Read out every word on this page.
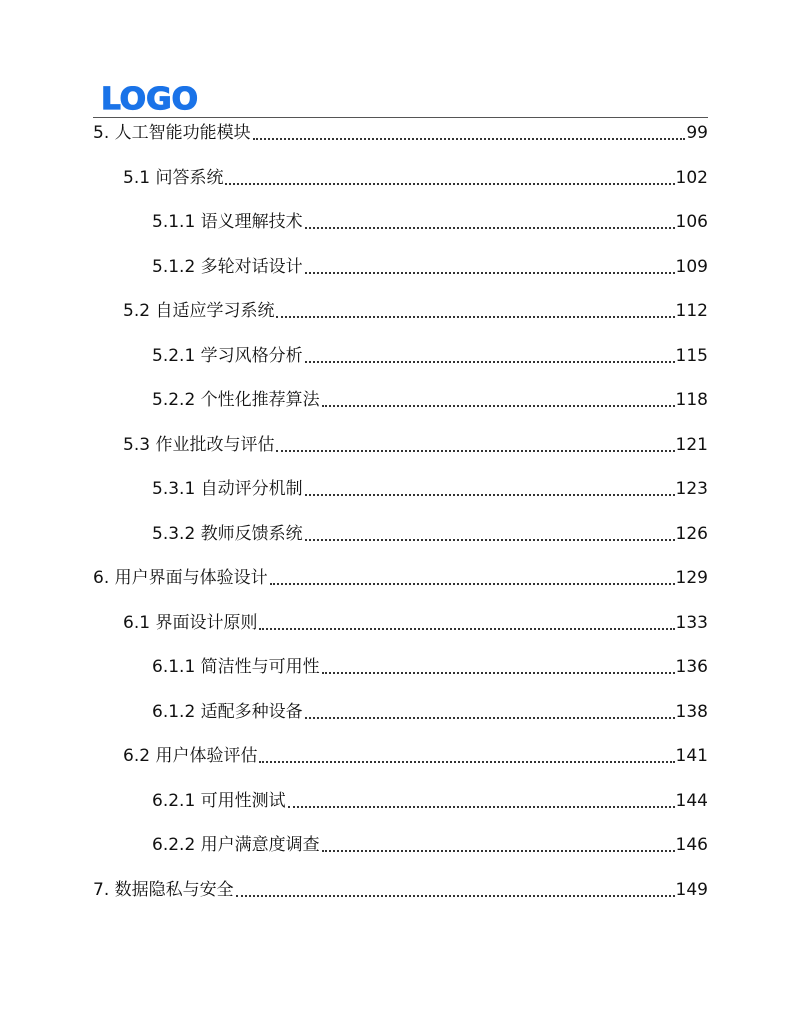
LOGO
5. 人工智能功能模块	99
5.1 问答系统	102
5.1.1 语义理解技术	106
5.1.2 多轮对话设计	109
5.2 自适应学习系统	112
5.2.1 学习风格分析	115
5.2.2 个性化推荐算法	118
5.3 作业批改与评估	121
5.3.1 自动评分机制	123
5.3.2 教师反馈系统	126
6. 用户界面与体验设计	129
6.1 界面设计原则	133
6.1.1 简洁性与可用性	136
6.1.2 适配多种设备	138
6.2 用户体验评估	141
6.2.1 可用性测试	144
6.2.2 用户满意度调查	146
7. 数据隐私与安全	149
